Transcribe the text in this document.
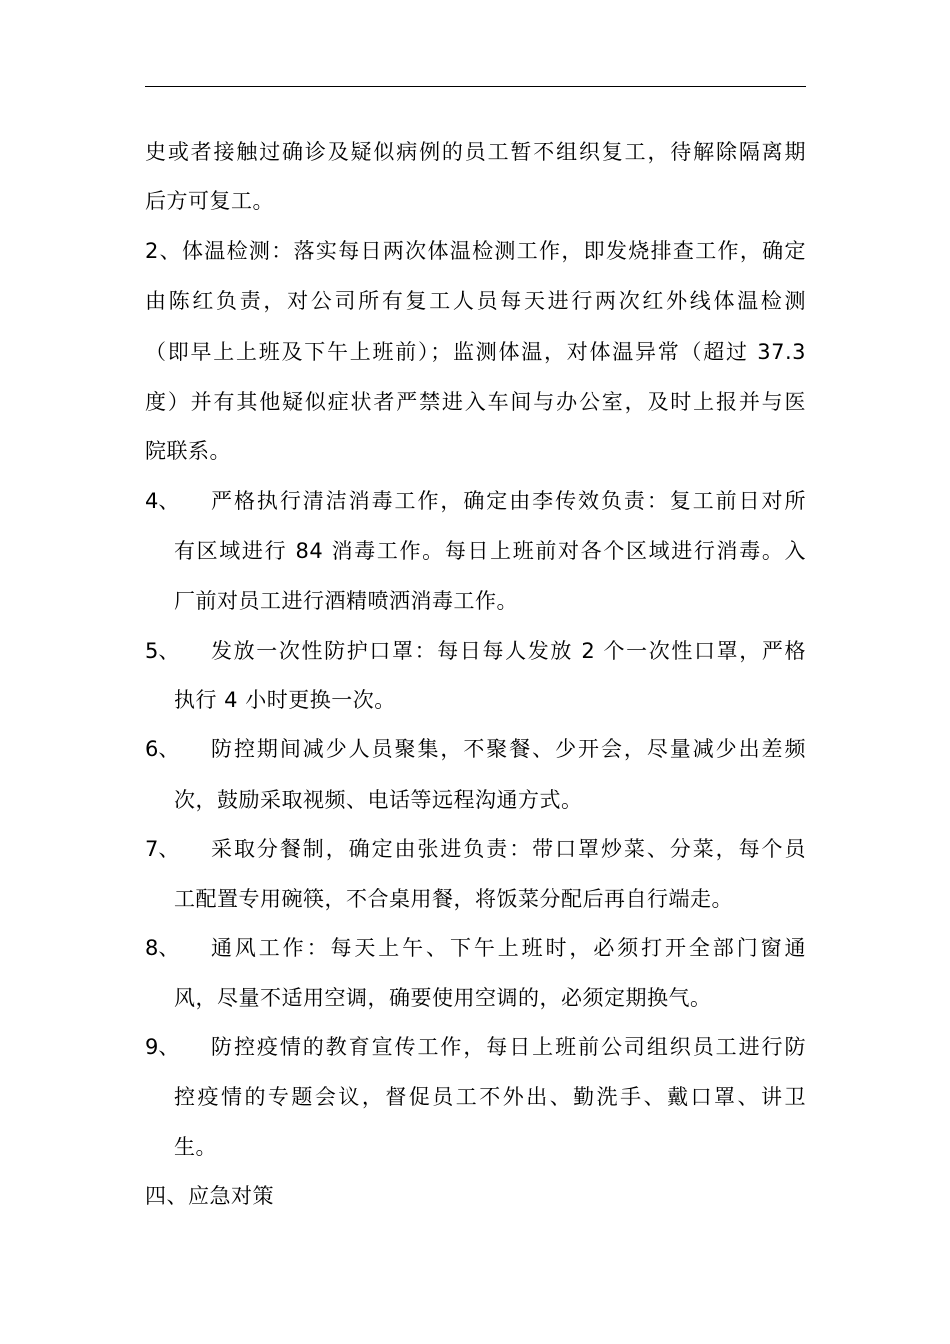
史或者接触过确诊及疑似病例的员工暂不组织复工，待解除隔离期
后方可复工。
2、体温检测：落实每日两次体温检测工作，即发烧排查工作，确定
由陈红负责，对公司所有复工人员每天进行两次红外线体温检测
（即早上上班及下午上班前）；监测体温，对体温异常（超过 37.3
度）并有其他疑似症状者严禁进入车间与办公室，及时上报并与医
院联系。
4、 严格执行清洁消毒工作，确定由李传效负责：复工前日对所
有区域进行 84 消毒工作。每日上班前对各个区域进行消毒。入
厂前对员工进行酒精喷洒消毒工作。
5、 发放一次性防护口罩：每日每人发放 2 个一次性口罩，严格
执行 4 小时更换一次。
6、 防控期间减少人员聚集，不聚餐、少开会，尽量减少出差频
次，鼓励采取视频、电话等远程沟通方式。
7、 采取分餐制，确定由张进负责：带口罩炒菜、分菜，每个员
工配置专用碗筷，不合桌用餐，将饭菜分配后再自行端走。
8、 通风工作：每天上午、下午上班时，必须打开全部门窗通
风，尽量不适用空调，确要使用空调的，必须定期换气。
9、 防控疫情的教育宣传工作，每日上班前公司组织员工进行防
控疫情的专题会议，督促员工不外出、勤洗手、戴口罩、讲卫
生。
四、应急对策
